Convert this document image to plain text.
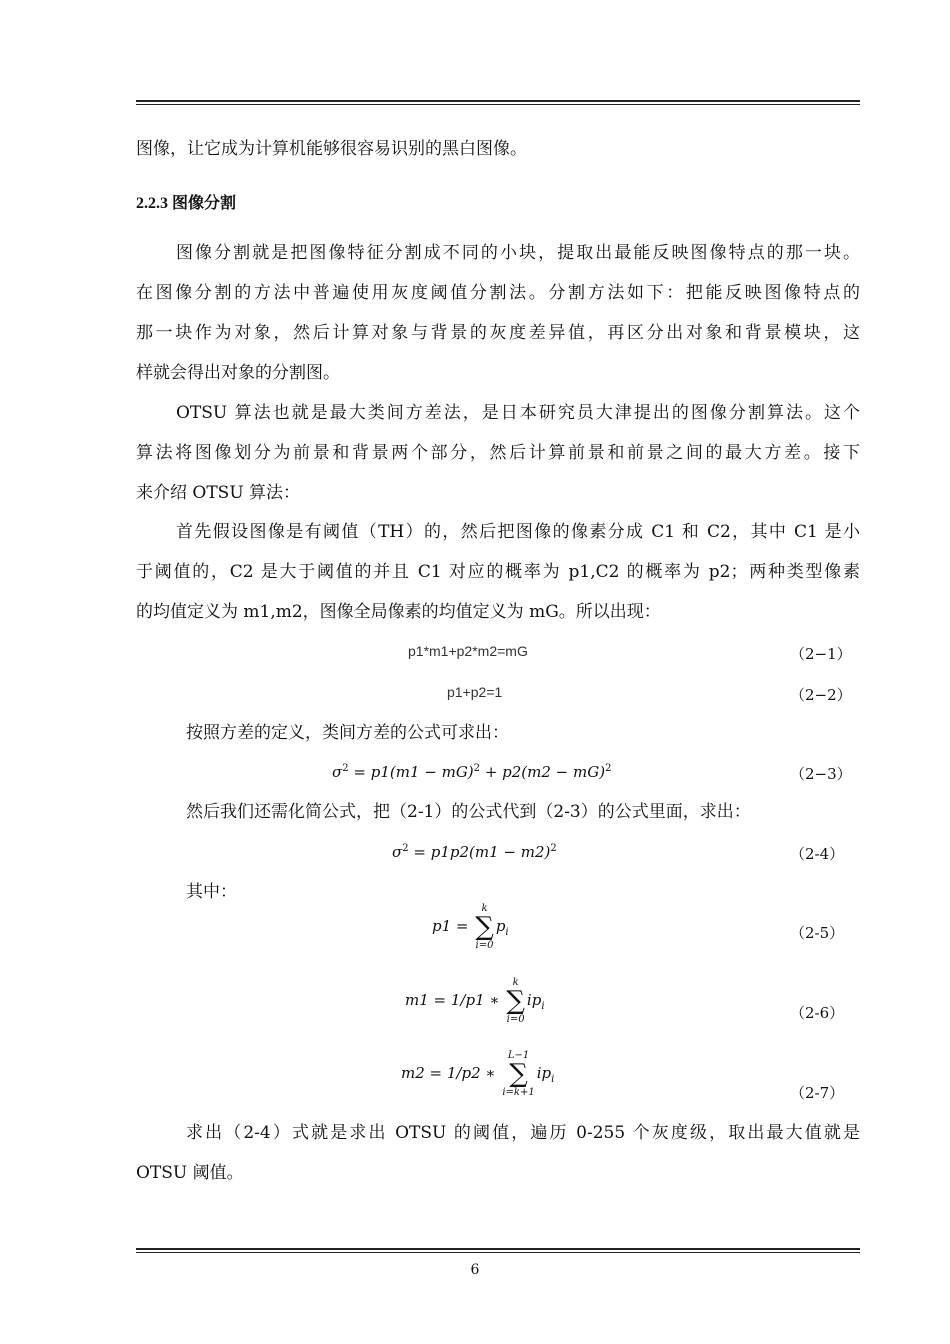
图像，让它成为计算机能够很容易识别的黑白图像。
2.2.3 图像分割
图像分割就是把图像特征分割成不同的小块，提取出最能反映图像特点的那一块。
在图像分割的方法中普遍使用灰度阈值分割法。分割方法如下：把能反映图像特点的
那一块作为对象，然后计算对象与背景的灰度差异值，再区分出对象和背景模块，这
样就会得出对象的分割图。
OTSU 算法也就是最大类间方差法，是日本研究员大津提出的图像分割算法。这个
算法将图像划分为前景和背景两个部分，然后计算前景和前景之间的最大方差。接下
来介绍 OTSU 算法：
首先假设图像是有阈值（TH）的，然后把图像的像素分成 C1 和 C2，其中 C1 是小
于阈值的，C2 是大于阈值的并且 C1 对应的概率为 p1,C2 的概率为 p2；两种类型像素
的均值定义为 m1,m2，图像全局像素的均值定义为 mG。所以出现：
p1*m1+p2*m2=mG	（2−1）
p1+p2=1	（2−2）
按照方差的定义，类间方差的公式可求出：
$\sigma^2 = p1(m1 - mG)^2 + p2(m2 - mG)^2$	（2−3）
然后我们还需化简公式，把（2-1）的公式代到（2-3）的公式里面，求出：
$\sigma^2 = p1p2(m1 - m2)^2$	（2-4）
其中：
p1 =
k
∑
i=0
$p_i$	（2-5）
m1 = 1/p1 ∗
k
∑
i=0
$ip_i$	（2-6）
m2 = 1/p2 ∗
L−1
∑
i=k+1
$ip_i$
（2-7）
求出（2-4）式就是求出 OTSU 的阈值，遍历 0-255 个灰度级，取出最大值就是
OTSU 阈值。
6
